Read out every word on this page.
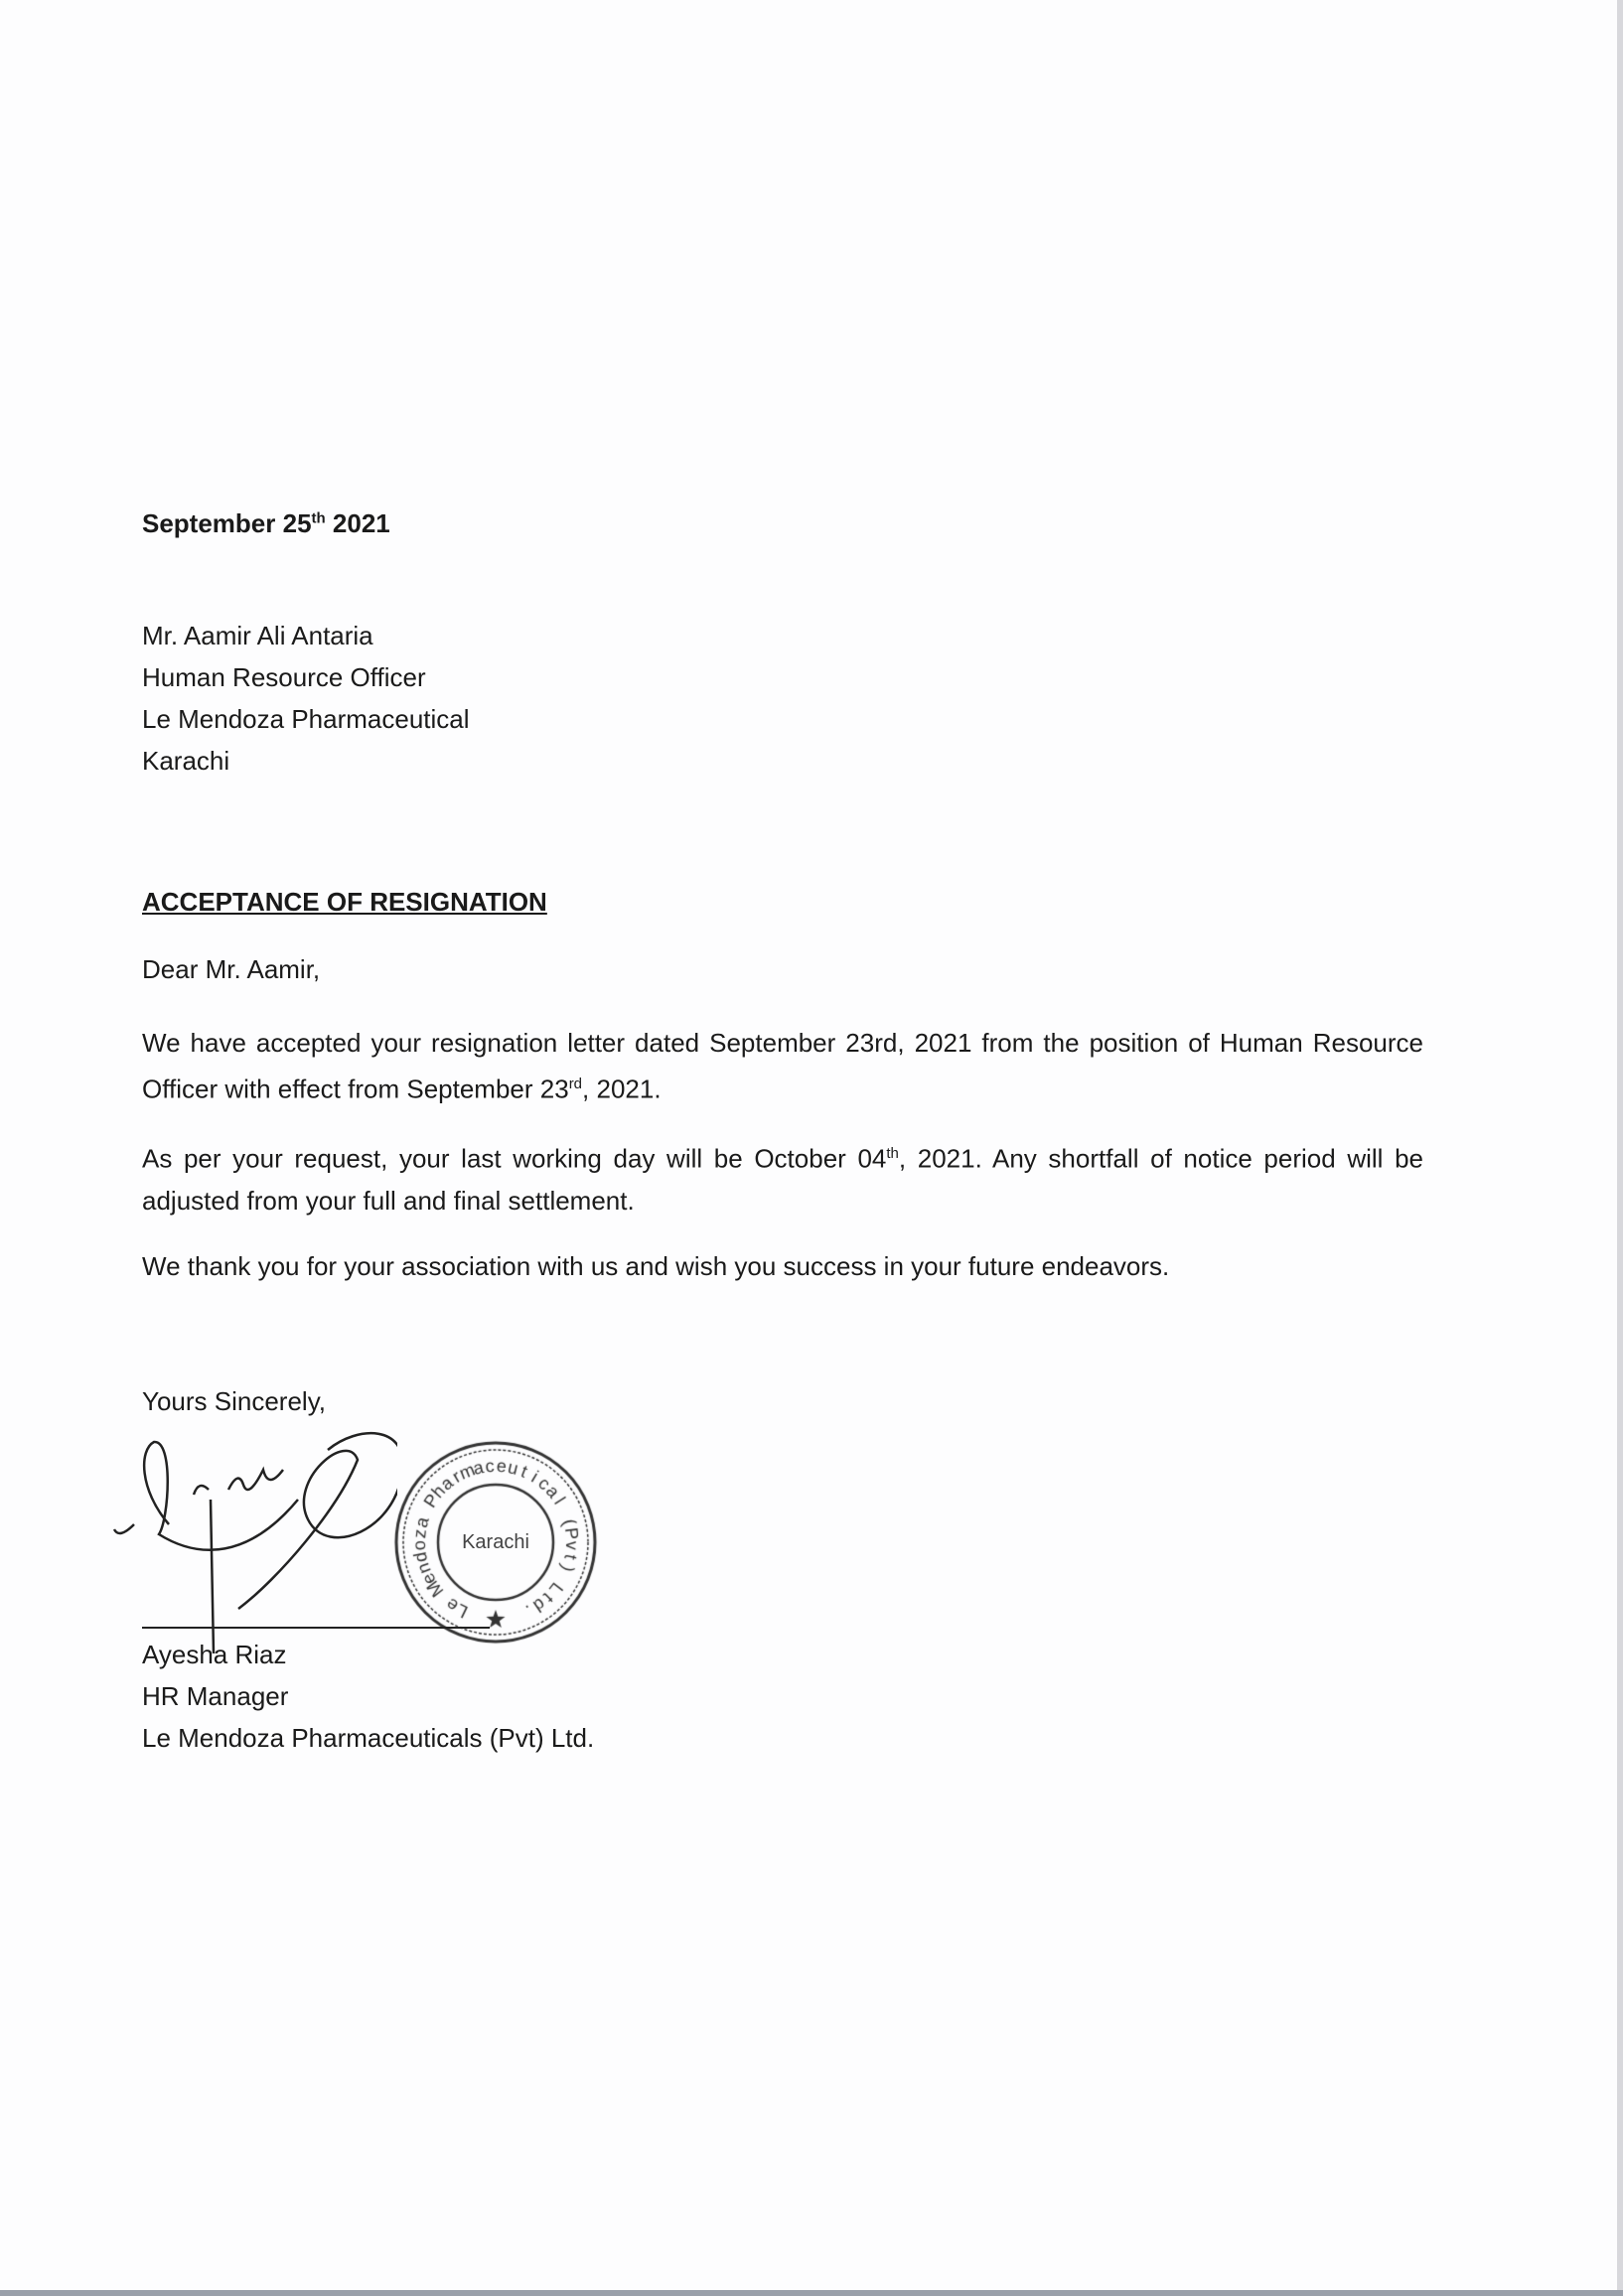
September 25th 2021
Mr. Aamir Ali Antaria
Human Resource Officer
Le Mendoza Pharmaceutical
Karachi
ACCEPTANCE OF RESIGNATION
Dear Mr. Aamir,
We have accepted your resignation letter dated September 23rd, 2021 from the position of Human Resource Officer with effect from September 23rd, 2021.
As per your request, your last working day will be October 04th, 2021. Any shortfall of notice period will be adjusted from your full and final settlement.
We thank you for your association with us and wish you success in your future endeavors.
Yours Sincerely,
Karachi
Ayesha Riaz
HR Manager
Le Mendoza Pharmaceuticals (Pvt) Ltd.
